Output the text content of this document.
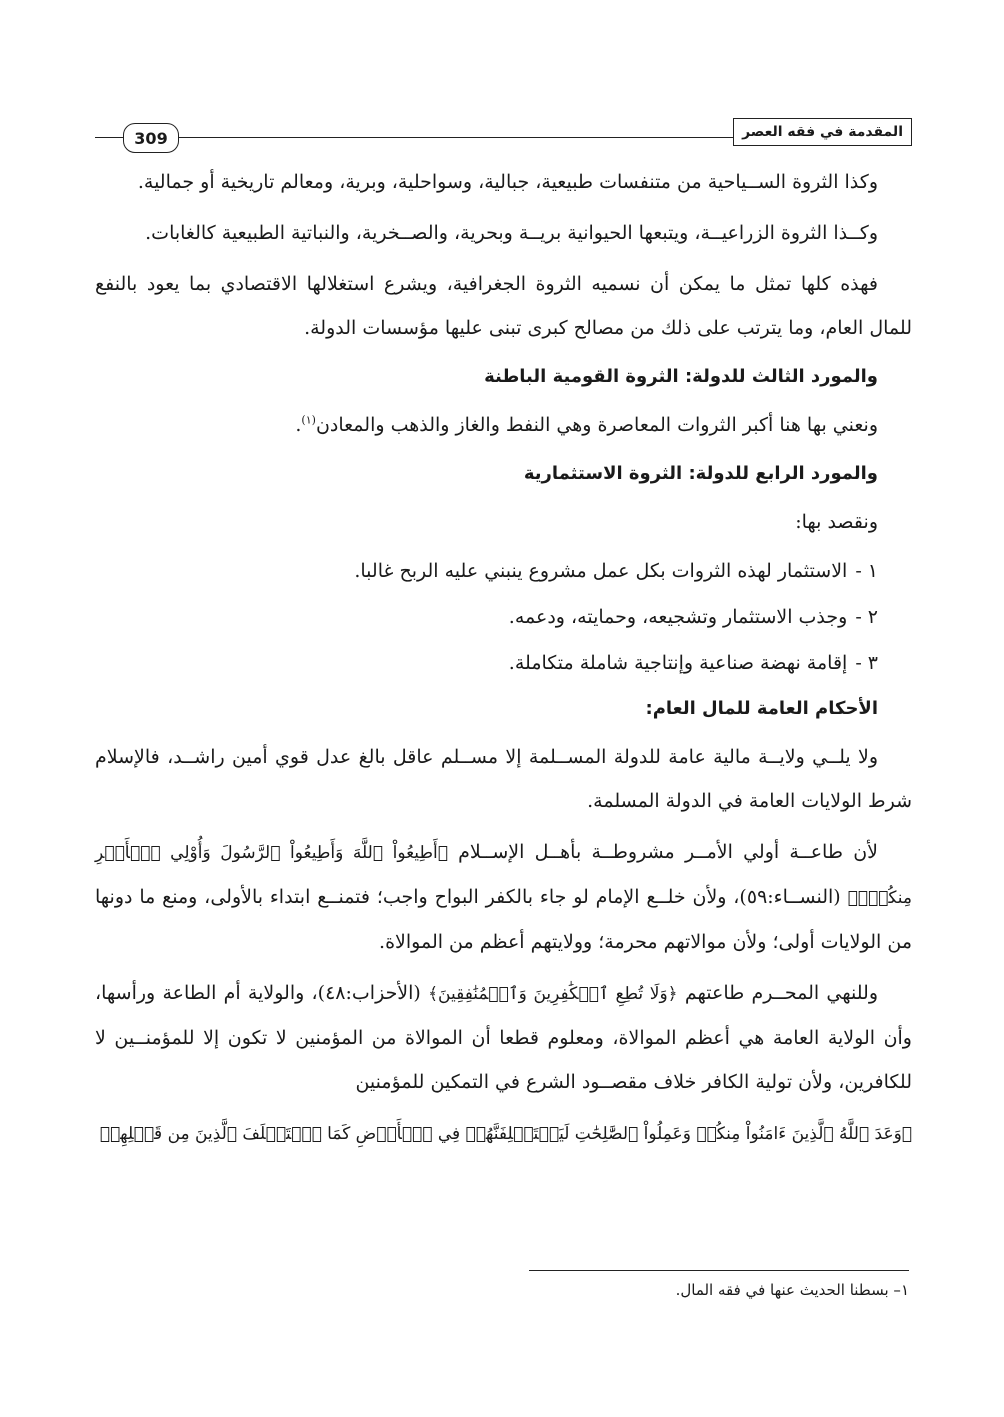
309	المقدمة في فقه العصر

وكذا الثروة الســياحية من متنفسات طبيعية، جبالية، وسواحلية، وبرية، ومعالم تاريخية أو جمالية.

وكــذا الثروة الزراعيــة، ويتبعها الحيوانية بريــة وبحرية، والصــخرية، والنباتية الطبيعية كالغابات.

فهذه كلها تمثل ما يمكن أن نسميه الثروة الجغرافية، ويشرع استغلالها الاقتصادي بما يعود بالنفع للمال العام، وما يترتب على ذلك من مصالح كبرى تبنى عليها مؤسسات الدولة.

والمورد الثالث للدولة: الثروة القومية الباطنة

ونعني بها هنا أكبر الثروات المعاصرة وهي النفط والغاز والذهب والمعادن$^{(١)}$.

والمورد الرابع للدولة: الثروة الاستثمارية

ونقصد بها:

١ -الاستثمار لهذه الثروات بكل عمل مشروع ينبني عليه الربح غالبا.
٢ -وجذب الاستثمار وتشجيعه، وحمايته، ودعمه.
٣ -إقامة نهضة صناعية وإنتاجية شاملة متكاملة.
الأحكام العامة للمال العام:

ولا يلــي ولايــة مالية عامة للدولة المســلمة إلا مســلم عاقل بالغ عدل قوي أمين راشــد، فالإسلام شرط الولايات العامة في الدولة المسلمة.

لأن طاعــة أولي الأمــر مشروطــة بأهــل الإســلام ﴿أَطِيعُواْ ٱللَّهَ وَأَطِيعُواْ ٱلرَّسُولَ وَأُوْلِي ٱلۡأَمۡرِ مِنكُمۡۖ﴾ (النســاء:٥٩)، ولأن خلــع الإمام لو جاء بالكفر البواح واجب؛ فتمنــع ابتداء بالأولى، ومنع ما دونها من الولايات أولى؛ ولأن موالاتهم محرمة؛ وولايتهم أعظم من الموالاة.

وللنهي المحــرم طاعتهم ﴿وَلَا تُطِعِ ٱلۡكَٰفِرِينَ وَٱلۡمُنَٰفِقِينَ﴾ (الأحزاب:٤٨)، والولاية أم الطاعة ورأسها، وأن الولاية العامة هي أعظم الموالاة، ومعلوم قطعا أن الموالاة من المؤمنين لا تكون إلا للمؤمنــين لا للكافرين، ولأن تولية الكافر خلاف مقصــود الشرع في التمكين للمؤمنين

﴿وَعَدَ ٱللَّهُ ٱلَّذِينَ ءَامَنُواْ مِنكُمۡ وَعَمِلُواْ ٱلصَّٰلِحَٰتِ لَيَسۡتَخۡلِفَنَّهُمۡ فِي ٱلۡأَرۡضِ كَمَا ٱسۡتَخۡلَفَ ٱلَّذِينَ مِن قَبۡلِهِمۡ

١– بسطنا الحديث عنها في فقه المال.
